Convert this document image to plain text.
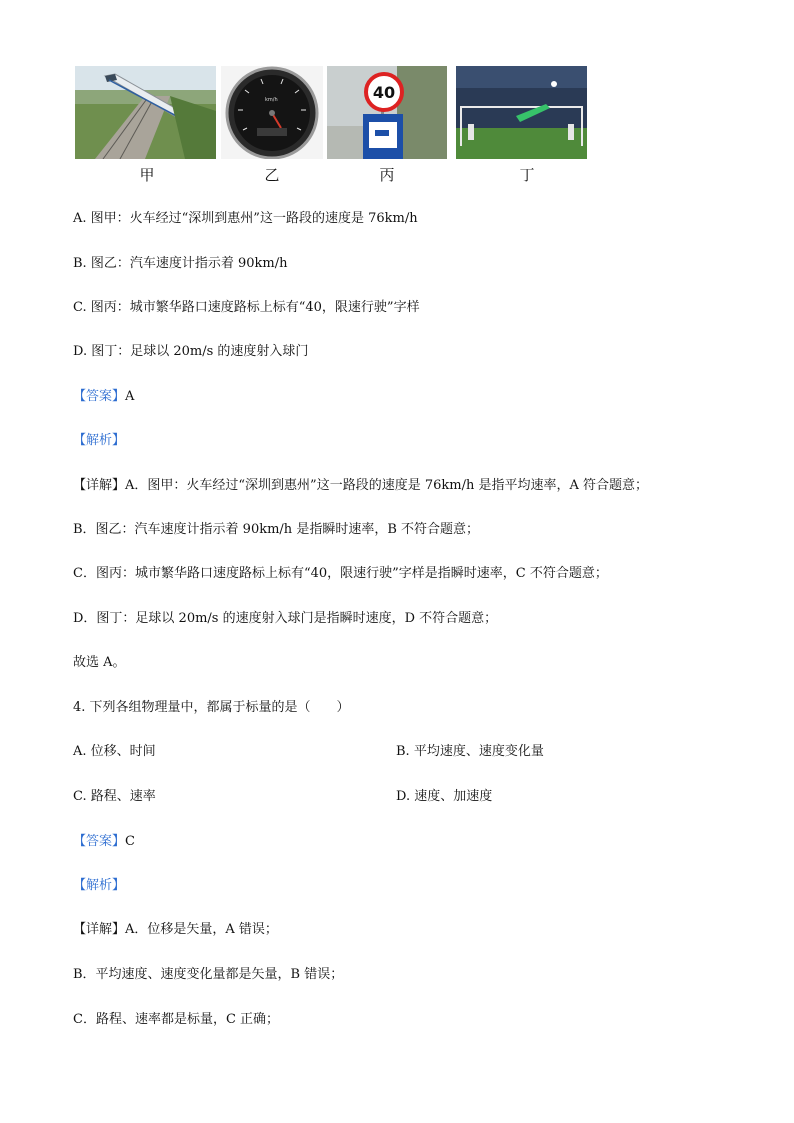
甲
km/h
乙
40
丙	丁
A. 图甲：火车经过“深圳到惠州”这一路段的速度是 76km/h
B. 图乙：汽车速度计指示着 90km/h
C. 图丙：城市繁华路口速度路标上标有“40，限速行驶”字样
D. 图丁：足球以 20m/s 的速度射入球门
【答案】A
【解析】
【详解】A．图甲：火车经过“深圳到惠州”这一路段的速度是 76km/h 是指平均速率，A 符合题意；
B．图乙：汽车速度计指示着 90km/h 是指瞬时速率，B 不符合题意；
C．图丙：城市繁华路口速度路标上标有“40，限速行驶”字样是指瞬时速率，C 不符合题意；
D．图丁：足球以 20m/s 的速度射入球门是指瞬时速度，D 不符合题意；
故选 A。
4. 下列各组物理量中，都属于标量的是（　　）
A. 位移、时间	B. 平均速度、速度变化量
C. 路程、速率	D. 速度、加速度
【答案】C
【解析】
【详解】A．位移是矢量，A 错误；
B．平均速度、速度变化量都是矢量，B 错误；
C．路程、速率都是标量，C 正确；
